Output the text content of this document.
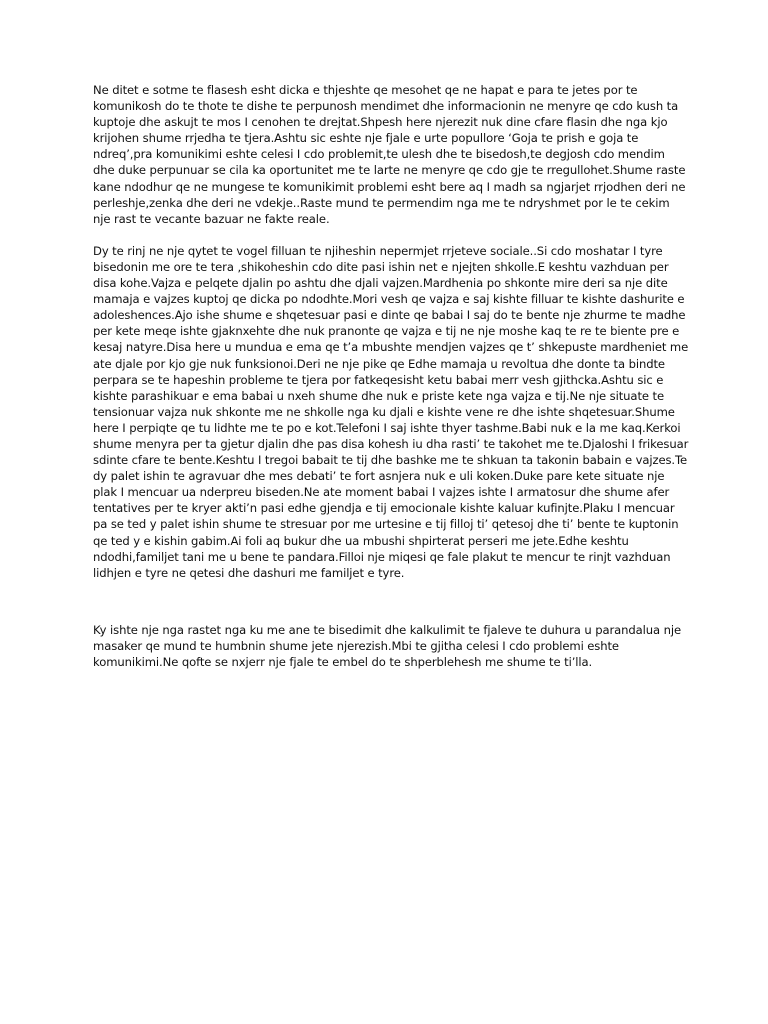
Ne ditet e sotme te flasesh esht dicka e thjeshte qe mesohet qe ne hapat e para te jetes por te komunikosh do te thote te dishe te perpunosh mendimet dhe informacionin ne menyre qe cdo kush ta kuptoje dhe askujt te mos I cenohen te drejtat.Shpesh here njerezit nuk dine cfare flasin dhe nga kjo krijohen shume rrjedha te tjera.Ashtu sic eshte nje fjale e urte popullore ‘Goja te prish e goja te ndreq’,pra komunikimi eshte celesi I cdo problemit,te ulesh dhe te bisedosh,te degjosh cdo mendim dhe duke perpunuar se cila ka oportunitet me te larte ne menyre qe cdo gje te rregullohet.Shume raste kane ndodhur qe ne mungese te komunikimit problemi esht bere aq I madh sa ngjarjet rrjodhen deri ne perleshje,zenka dhe deri ne vdekje..Raste mund te permendim nga me te ndryshmet por le te cekim nje rast te vecante bazuar ne fakte reale.

Dy te rinj ne nje qytet te vogel filluan te njiheshin nepermjet rrjeteve sociale..Si cdo moshatar I tyre bisedonin me ore te tera ,shikoheshin cdo dite pasi ishin net e njejten shkolle.E keshtu vazhduan per disa kohe.Vajza e pelqete djalin po ashtu dhe djali vajzen.Mardhenia po shkonte mire deri sa nje dite mamaja e vajzes kuptoj qe dicka po ndodhte.Mori vesh qe vajza e saj kishte filluar te kishte dashurite e adoleshences.Ajo ishe shume e shqetesuar pasi e dinte qe babai I saj do te bente nje zhurme te madhe per kete meqe ishte gjaknxehte dhe nuk pranonte qe vajza e tij ne nje moshe kaq te re te biente pre e kesaj natyre.Disa here u mundua e ema qe t’a mbushte mendjen vajzes qe t’ shkepuste mardheniet me ate djale por kjo gje nuk funksionoi.Deri ne nje pike qe Edhe mamaja u revoltua dhe donte ta bindte perpara se te hapeshin probleme te tjera por fatkeqesisht ketu babai merr vesh gjithcka.Ashtu sic e kishte parashikuar e ema babai u nxeh shume dhe nuk e priste kete nga vajza e tij.Ne nje situate te tensionuar vajza nuk shkonte me ne shkolle nga ku djali e kishte vene re dhe ishte shqetesuar.Shume here I perpiqte qe tu lidhte me te po e kot.Telefoni I saj ishte thyer tashme.Babi nuk e la me kaq.Kerkoi shume menyra per ta gjetur djalin dhe pas disa kohesh iu dha rasti’ te takohet me te.Djaloshi I frikesuar sdinte cfare te bente.Keshtu I tregoi babait te tij dhe bashke me te shkuan ta takonin babain e vajzes.Te dy palet ishin te agravuar dhe mes debati’ te fort asnjera nuk e uli koken.Duke pare kete situate nje plak I mencuar ua nderpreu biseden.Ne ate moment babai I vajzes ishte I armatosur dhe shume afer tentatives per te kryer akti’n pasi edhe gjendja e tij emocionale kishte kaluar kufinjte.Plaku I mencuar pa se ted y palet ishin shume te stresuar por me urtesine e tij filloj ti’ qetesoj dhe ti’ bente te kuptonin qe ted y e kishin gabim.Ai foli aq bukur dhe ua mbushi shpirterat perseri me jete.Edhe keshtu ndodhi,familjet tani me u bene te pandara.Filloi nje miqesi qe fale plakut te mencur te rinjt vazhduan lidhjen e tyre ne qetesi dhe dashuri me familjet e tyre.

Ky ishte nje nga rastet nga ku me ane te bisedimit dhe kalkulimit te fjaleve te duhura u parandalua nje masaker qe mund te humbnin shume jete njerezish.Mbi te gjitha celesi I cdo problemi eshte komunikimi.Ne qofte se nxjerr nje fjale te embel do te shperblehesh me shume te ti’lla.
